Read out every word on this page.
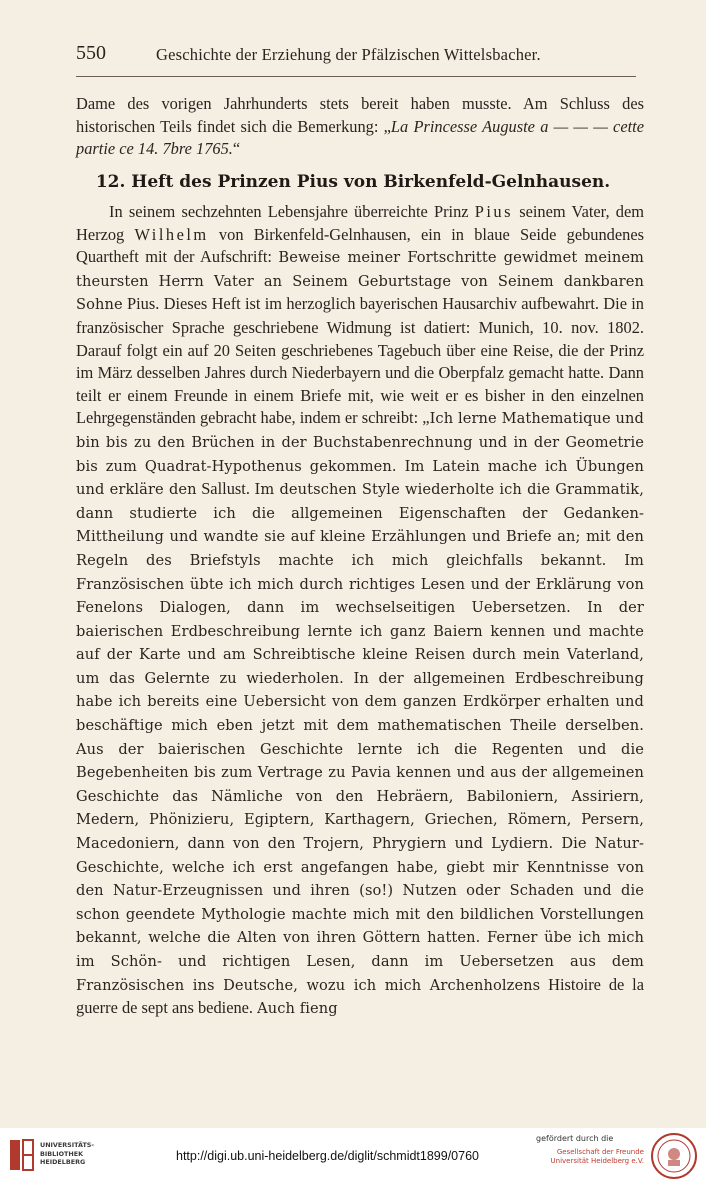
550	Geschichte der Erziehung der Pfälzischen Wittelsbacher.
Dame des vorigen Jahrhunderts stets bereit haben musste. Am Schluss des historischen Teils findet sich die Bemerkung: „La Princesse Auguste a — — — cette partie ce 14. 7bre 1765.“
12. Heft des Prinzen Pius von Birkenfeld-Gelnhausen.

In seinem sechzehnten Lebensjahre überreichte Prinz Pius seinem Vater, dem Herzog Wilhelm von Birkenfeld-Gelnhausen, ein in blaue Seide gebundenes Quartheft mit der Aufschrift: Beweise meiner Fortschritte gewidmet meinem theursten Herrn Vater an Seinem Geburtstage von Seinem dankbaren Sohne Pius. Dieses Heft ist im herzoglich bayerischen Hausarchiv aufbewahrt. Die in französischer Sprache geschriebene Widmung ist datiert: Munich, 10. nov. 1802. Darauf folgt ein auf 20 Seiten geschriebenes Tagebuch über eine Reise, die der Prinz im März desselben Jahres durch Niederbayern und die Oberpfalz gemacht hatte. Dann teilt er einem Freunde in einem Briefe mit, wie weit er es bisher in den einzelnen Lehrgegenständen gebracht habe, indem er schreibt: „Ich lerne Mathematique und bin bis zu den Brüchen in der Buchstabenrechnung und in der Geometrie bis zum Quadrat-Hypothenus gekommen. Im Latein mache ich Übungen und erkläre den Sallust. Im deutschen Style wiederholte ich die Grammatik, dann studierte ich die allgemeinen Eigenschaften der Gedanken-Mittheilung und wandte sie auf kleine Erzählungen und Briefe an; mit den Regeln des Briefstyls machte ich mich gleichfalls bekannt. Im Französischen übte ich mich durch richtiges Lesen und der Erklärung von Fenelons Dialogen, dann im wechselseitigen Uebersetzen. In der baierischen Erdbeschreibung lernte ich ganz Baiern kennen und machte auf der Karte und am Schreibtische kleine Reisen durch mein Vaterland, um das Gelernte zu wiederholen. In der allgemeinen Erdbeschreibung habe ich bereits eine Uebersicht von dem ganzen Erdkörper erhalten und beschäftige mich eben jetzt mit dem mathematischen Theile derselben. Aus der baierischen Geschichte lernte ich die Regenten und die Begebenheiten bis zum Vertrage zu Pavia kennen und aus der allgemeinen Geschichte das Nämliche von den Hebräern, Babiloniern, Assiriern, Medern, Phönizieru, Egiptern, Karthagern, Griechen, Römern, Persern, Macedoniern, dann von den Trojern, Phrygiern und Lydiern. Die Natur-Geschichte, welche ich erst angefangen habe, giebt mir Kenntnisse von den Natur-Erzeugnissen und ihren (so!) Nutzen oder Schaden und die schon geendete Mythologie machte mich mit den bildlichen Vorstellungen bekannt, welche die Alten von ihren Göttern hatten. Ferner übe ich mich im Schön- und richtigen Lesen, dann im Uebersetzen aus dem Französischen ins Deutsche, wozu ich mich Archenholzens Histoire de la guerre de sept ans bediene. Auch fieng

UNIVERSITÄTS-
BIBLIOTHEK
HEIDELBERG	http://digi.ub.uni-heidelberg.de/diglit/schmidt1899/0760
gefördert durch die
Gesellschaft der Freunde
Universität Heidelberg e.V.
